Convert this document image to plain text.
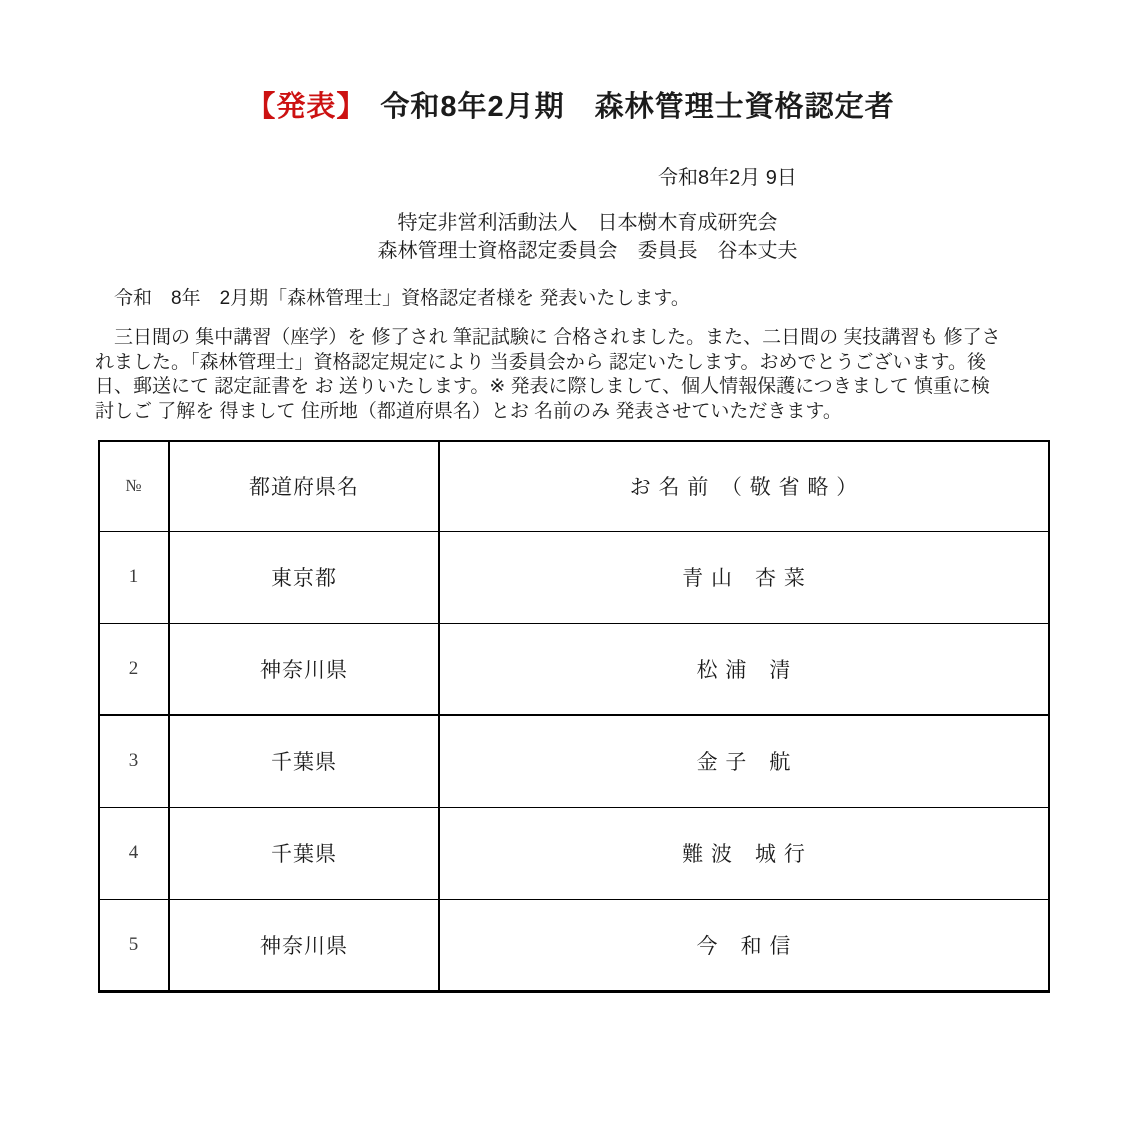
【発表】 令和8年2月期　森林管理士資格認定者
令和8年2月 9日
特定非営利活動法人　日本樹木育成研究会
森林管理士資格認定委員会　委員長　谷本丈夫
　令和　8年　2月期「森林管理士」資格認定者様を 発表いたします。
　三日間の 集中講習（座学）を 修了され 筆記試験に 合格されました。また、二日間の 実技講習も 修了さ
れました。「森林管理士」資格認定規定により 当委員会から 認定いたします。おめでとうございます。後
日、郵送にて 認定証書を お 送りいたします。※ 発表に際しまして、個人情報保護につきまして 慎重に検
討しご 了解を 得まして 住所地（都道府県名）とお 名前のみ 発表させていただきます。
№	都道府県名	お 名 前　（ 敬 省 略 ）
1	東京都	青 山　杏 菜
2	神奈川県	松 浦　清
3	千葉県	金 子　航
4	千葉県	難 波　城 行
5	神奈川県	今　和 信
